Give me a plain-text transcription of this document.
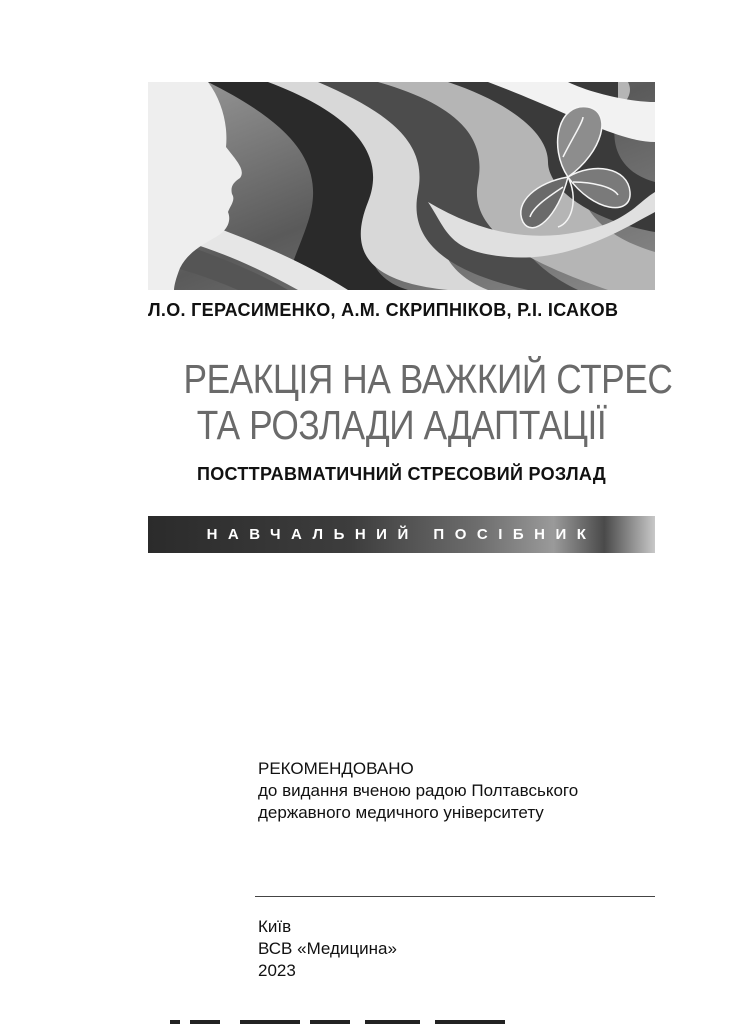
Л.О. ГЕРАСИМЕНКО, А.М. СКРИПНІКОВ, Р.І. ІСАКОВ
РЕАКЦІЯ НА ВАЖКИЙ СТРЕС
ТА РОЗЛАДИ АДАПТАЦІЇ
ПОСТТРАВМАТИЧНИЙ СТРЕСОВИЙ РОЗЛАД
НАВЧАЛЬНИЙ ПОСІБНИК
РЕКОМЕНДОВАНО
до видання вченою радою Полтавського
державного медичного університету
Київ
ВСВ «Медицина»
2023
